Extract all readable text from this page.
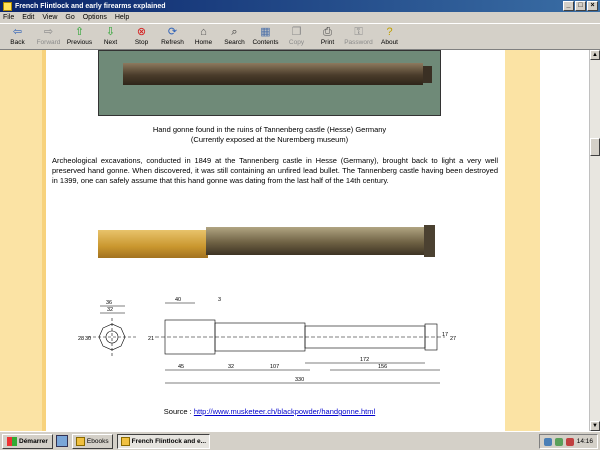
French Flintlock and early firearms explained	_	□	×
File Edit View Go Options Help
⇦
Back
⇨
Forward
⇧
Previous
⇩
Next
⊗
Stop
⟳
Refresh
⌂
Home
⌕
Search
▦
Contents
❐
Copy
⎙
Print
⚿
Password
?
About
Hand gonne found in the ruins of Tannenberg castle (Hesse) Germany
(Currently exposed at the Nuremberg museum)
Archeological excavations, conducted in 1849 at the Tannenberg castle in Hesse (Germany), brought back to light a very well preserved hand gonne. When discovered, it was still containing an unfired lead bullet. The Tannenberg castle having been destroyed in 1399, one can safely assume that this hand gonne was dating from the last half of the 14th century.
36
32
40	3
28 30	21
17
27
45	32	107
172
156
330
Source : http://www.musketeer.ch/blackpowder/handgonne.html
▲
▼
Démarrer	Ebooks	French Flintlock and e...	14:16
